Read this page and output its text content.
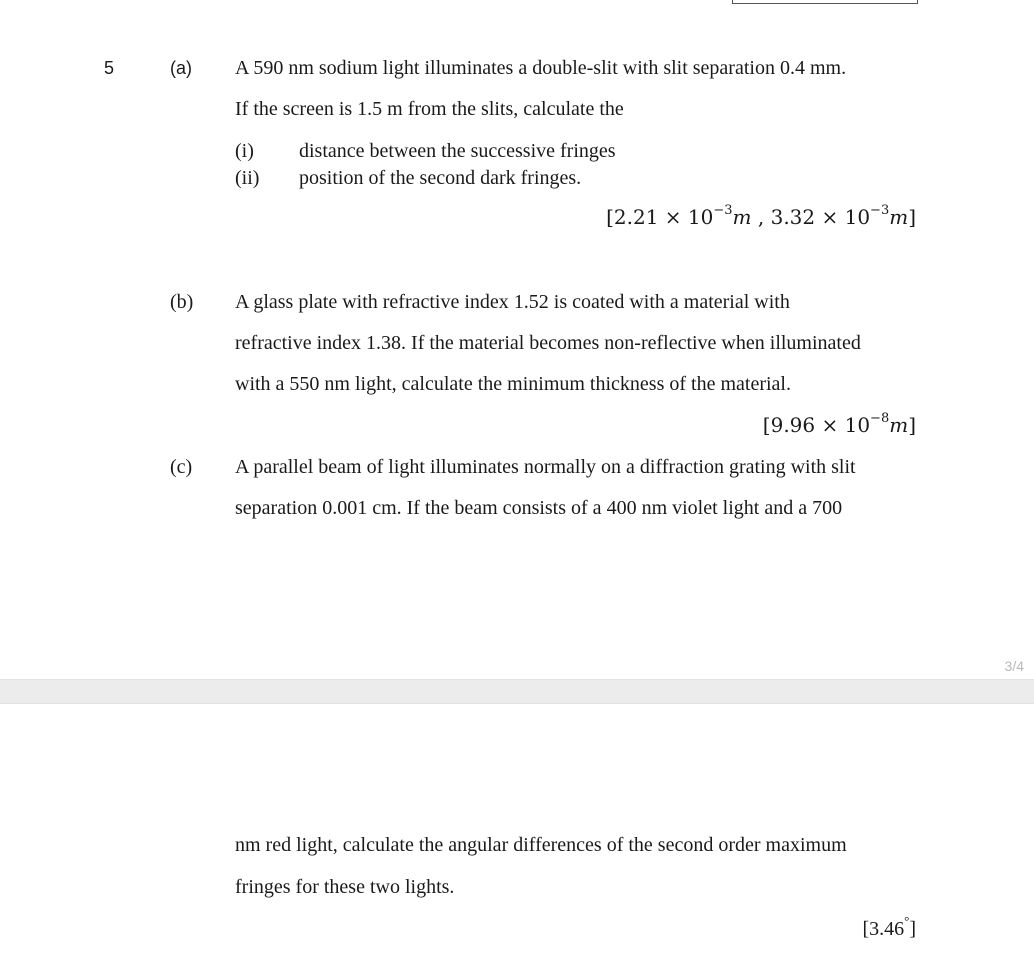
5	(a) A 590 nm sodium light illuminates a double-slit with slit separation 0.4 mm.
If the screen is 1.5 m from the slits, calculate the
(i) distance between the successive fringes
(ii) position of the second dark fringes.
[$2.21 \times 10^{-3}m$ , $3.32 \times 10^{-3}m$]
(b) A glass plate with refractive index 1.52 is coated with a material with
refractive index 1.38. If the material becomes non-reflective when illuminated
with a 550 nm light, calculate the minimum thickness of the material.
$[9.96 \times 10^{-8}m]$
(c) A parallel beam of light illuminates normally on a diffraction grating with slit
separation 0.001 cm. If the beam consists of a 400 nm violet light and a 700
3/4
nm red light, calculate the angular differences of the second order maximum
fringes for these two lights.
[3.46°]
